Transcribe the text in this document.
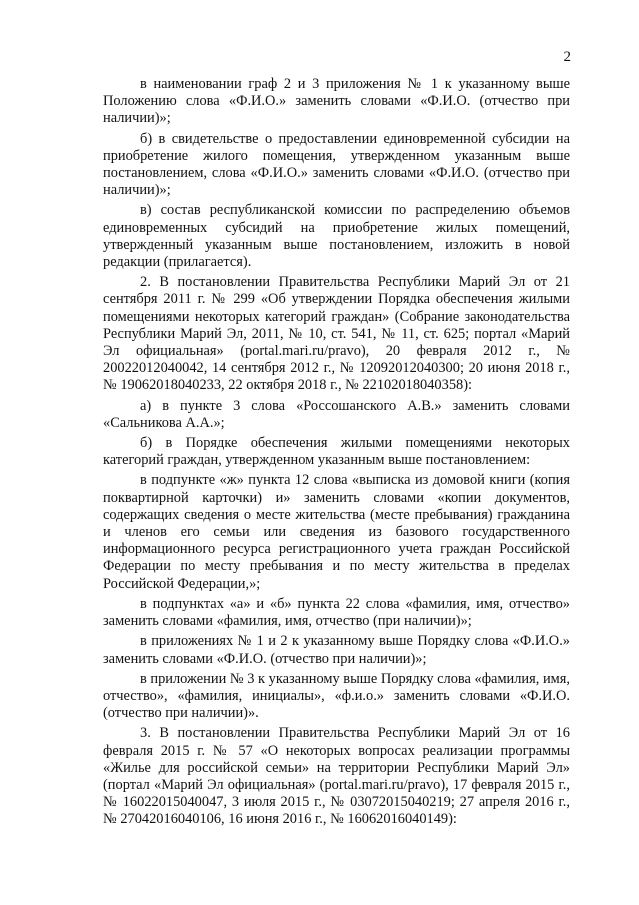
2

в наименовании граф 2 и 3 приложения № 1 к указанному выше Положению слова «Ф.И.О.» заменить словами «Ф.И.О. (отчество при наличии)»;

б) в свидетельстве о предоставлении единовременной субсидии на приобретение жилого помещения, утвержденном указанным выше постановлением, слова «Ф.И.О.» заменить словами «Ф.И.О. (отчество при наличии)»;

в) состав республиканской комиссии по распределению объемов единовременных субсидий на приобретение жилых помещений, утвержденный указанным выше постановлением, изложить в новой редакции (прилагается).

2. В постановлении Правительства Республики Марий Эл от 21 сентября 2011 г. № 299 «Об утверждении Порядка обеспечения жилыми помещениями некоторых категорий граждан» (Собрание законодательства Республики Марий Эл, 2011, № 10, ст. 541, № 11, ст. 625; портал «Марий Эл официальная» (portal.mari.ru/pravo), 20 февраля 2012 г., № 20022012040042, 14 сентября 2012 г., № 12092012040300; 20 июня 2018 г., № 19062018040233, 22 октября 2018 г., № 22102018040358):

а) в пункте 3 слова «Россошанского А.В.» заменить словами «Сальникова А.А.»;

б) в Порядке обеспечения жилыми помещениями некоторых категорий граждан, утвержденном указанным выше постановлением:

в подпункте «ж» пункта 12 слова «выписка из домовой книги (копия поквартирной карточки) и» заменить словами «копии документов, содержащих сведения о месте жительства (месте пребывания) гражданина и членов его семьи или сведения из базового государственного информационного ресурса регистрационного учета граждан Российской Федерации по месту пребывания и по месту жительства в пределах Российской Федерации,»;

в подпунктах «а» и «б» пункта 22 слова «фамилия, имя, отчество» заменить словами «фамилия, имя, отчество (при наличии)»;

в приложениях № 1 и 2 к указанному выше Порядку слова «Ф.И.О.» заменить словами «Ф.И.О. (отчество при наличии)»;

в приложении № 3 к указанному выше Порядку слова «фамилия, имя, отчество», «фамилия, инициалы», «ф.и.о.» заменить словами «Ф.И.О. (отчество при наличии)».

3. В постановлении Правительства Республики Марий Эл от 16 февраля 2015 г. № 57 «О некоторых вопросах реализации программы «Жилье для российской семьи» на территории Республики Марий Эл» (портал «Марий Эл официальная» (portal.mari.ru/pravo), 17 февраля 2015 г., № 16022015040047, 3 июля 2015 г., № 03072015040219; 27 апреля 2016 г., № 27042016040106, 16 июня 2016 г., № 16062016040149):
